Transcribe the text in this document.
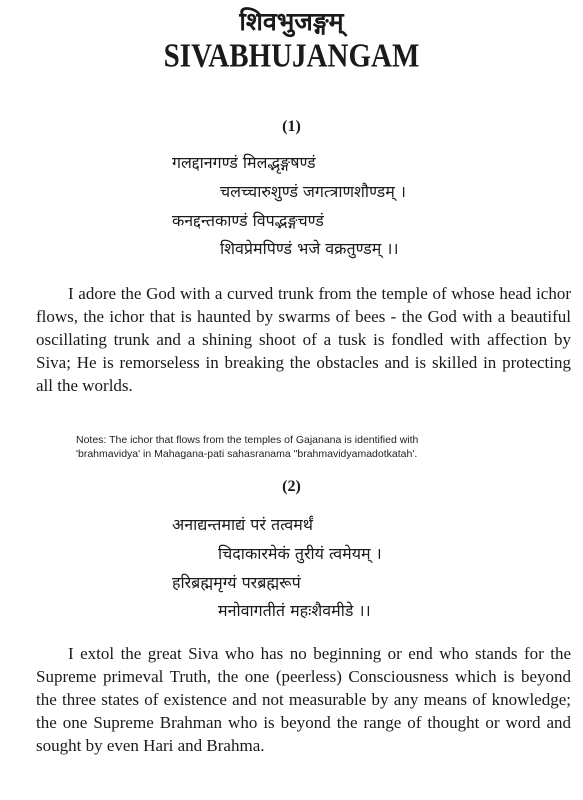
शिवभुजङ्गम्
SIVABHUJANGAM
(1)
गलद्दानगण्डं मिलद्भृङ्गषण्डं
चलच्चारुशुण्डं जगत्त्राणशौण्डम् ।
कनद्दन्तकाण्डं विपद्भङ्गचण्डं
शिवप्रेमपिण्डं भजे वक्रतुण्डम् ।।

I adore the God with a curved trunk from the temple of whose head ichor flows, the ichor that is haunted by swarms of bees - the God with a beautiful oscillating trunk and a shining shoot of a tusk is fondled with affection by Siva; He is remorseless in breaking the obstacles and is skilled in protecting all the worlds.

Notes: The ichor that flows from the temples of Gajanana is identified with

'brahmavidya' in Mahagana-pati sahasranama "brahmavidyamadotkatah'.

(2)
अनाद्यन्तमाद्यं परं तत्वमर्थं
चिदाकारमेकं तुरीयं त्वमेयम् ।
हरिब्रह्ममृग्यं परब्रह्मरूपं
मनोवागतीतं महःशैवमीडे ।।

I extol the great Siva who has no beginning or end who stands for the Supreme primeval Truth, the one (peerless) Consciousness which is beyond the three states of existence and not measurable by any means of knowledge; the one Supreme Brahman who is beyond the range of thought or word and sought by even Hari and Brahma.
